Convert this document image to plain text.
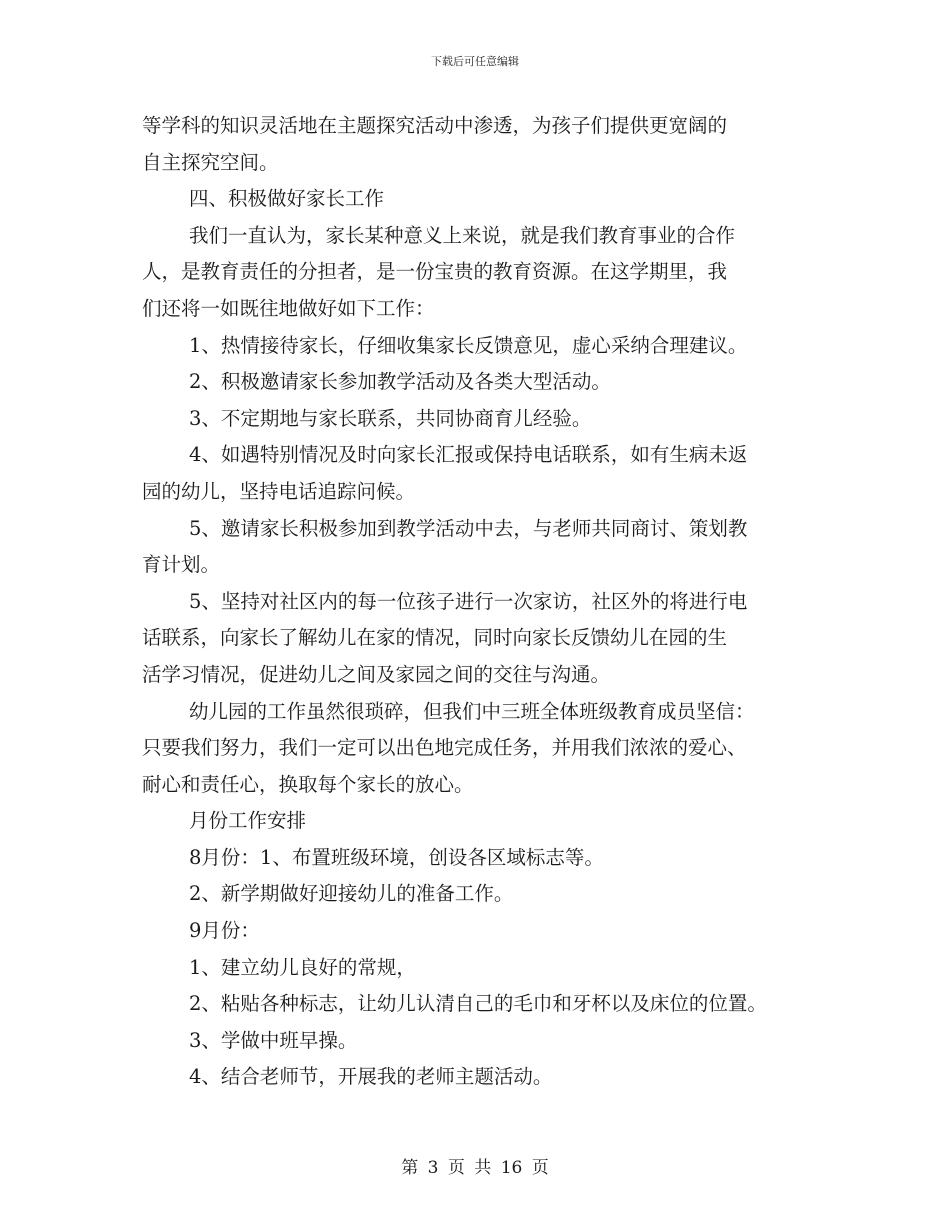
下载后可任意编辑
等学科的知识灵活地在主题探究活动中渗透，为孩子们提供更宽阔的
自主探究空间。
四、积极做好家长工作
我们一直认为，家长某种意义上来说，就是我们教育事业的合作
人，是教育责任的分担者，是一份宝贵的教育资源。在这学期里，我
们还将一如既往地做好如下工作：
1、热情接待家长，仔细收集家长反馈意见，虚心采纳合理建议。
2、积极邀请家长参加教学活动及各类大型活动。
3、不定期地与家长联系，共同协商育儿经验。
4、如遇特别情况及时向家长汇报或保持电话联系，如有生病未返
园的幼儿，坚持电话追踪问候。
5、邀请家长积极参加到教学活动中去，与老师共同商讨、策划教
育计划。
5、坚持对社区内的每一位孩子进行一次家访，社区外的将进行电
话联系，向家长了解幼儿在家的情况，同时向家长反馈幼儿在园的生
活学习情况，促进幼儿之间及家园之间的交往与沟通。
幼儿园的工作虽然很琐碎，但我们中三班全体班级教育成员坚信：
只要我们努力，我们一定可以出色地完成任务，并用我们浓浓的爱心、
耐心和责任心，换取每个家长的放心。
月份工作安排
8月份：1、布置班级环境，创设各区域标志等。
2、新学期做好迎接幼儿的准备工作。
9月份：
1、建立幼儿良好的常规，
2、粘贴各种标志，让幼儿认清自己的毛巾和牙杯以及床位的位置。
3、学做中班早操。
4、结合老师节，开展我的老师主题活动。
第 3 页 共 16 页
